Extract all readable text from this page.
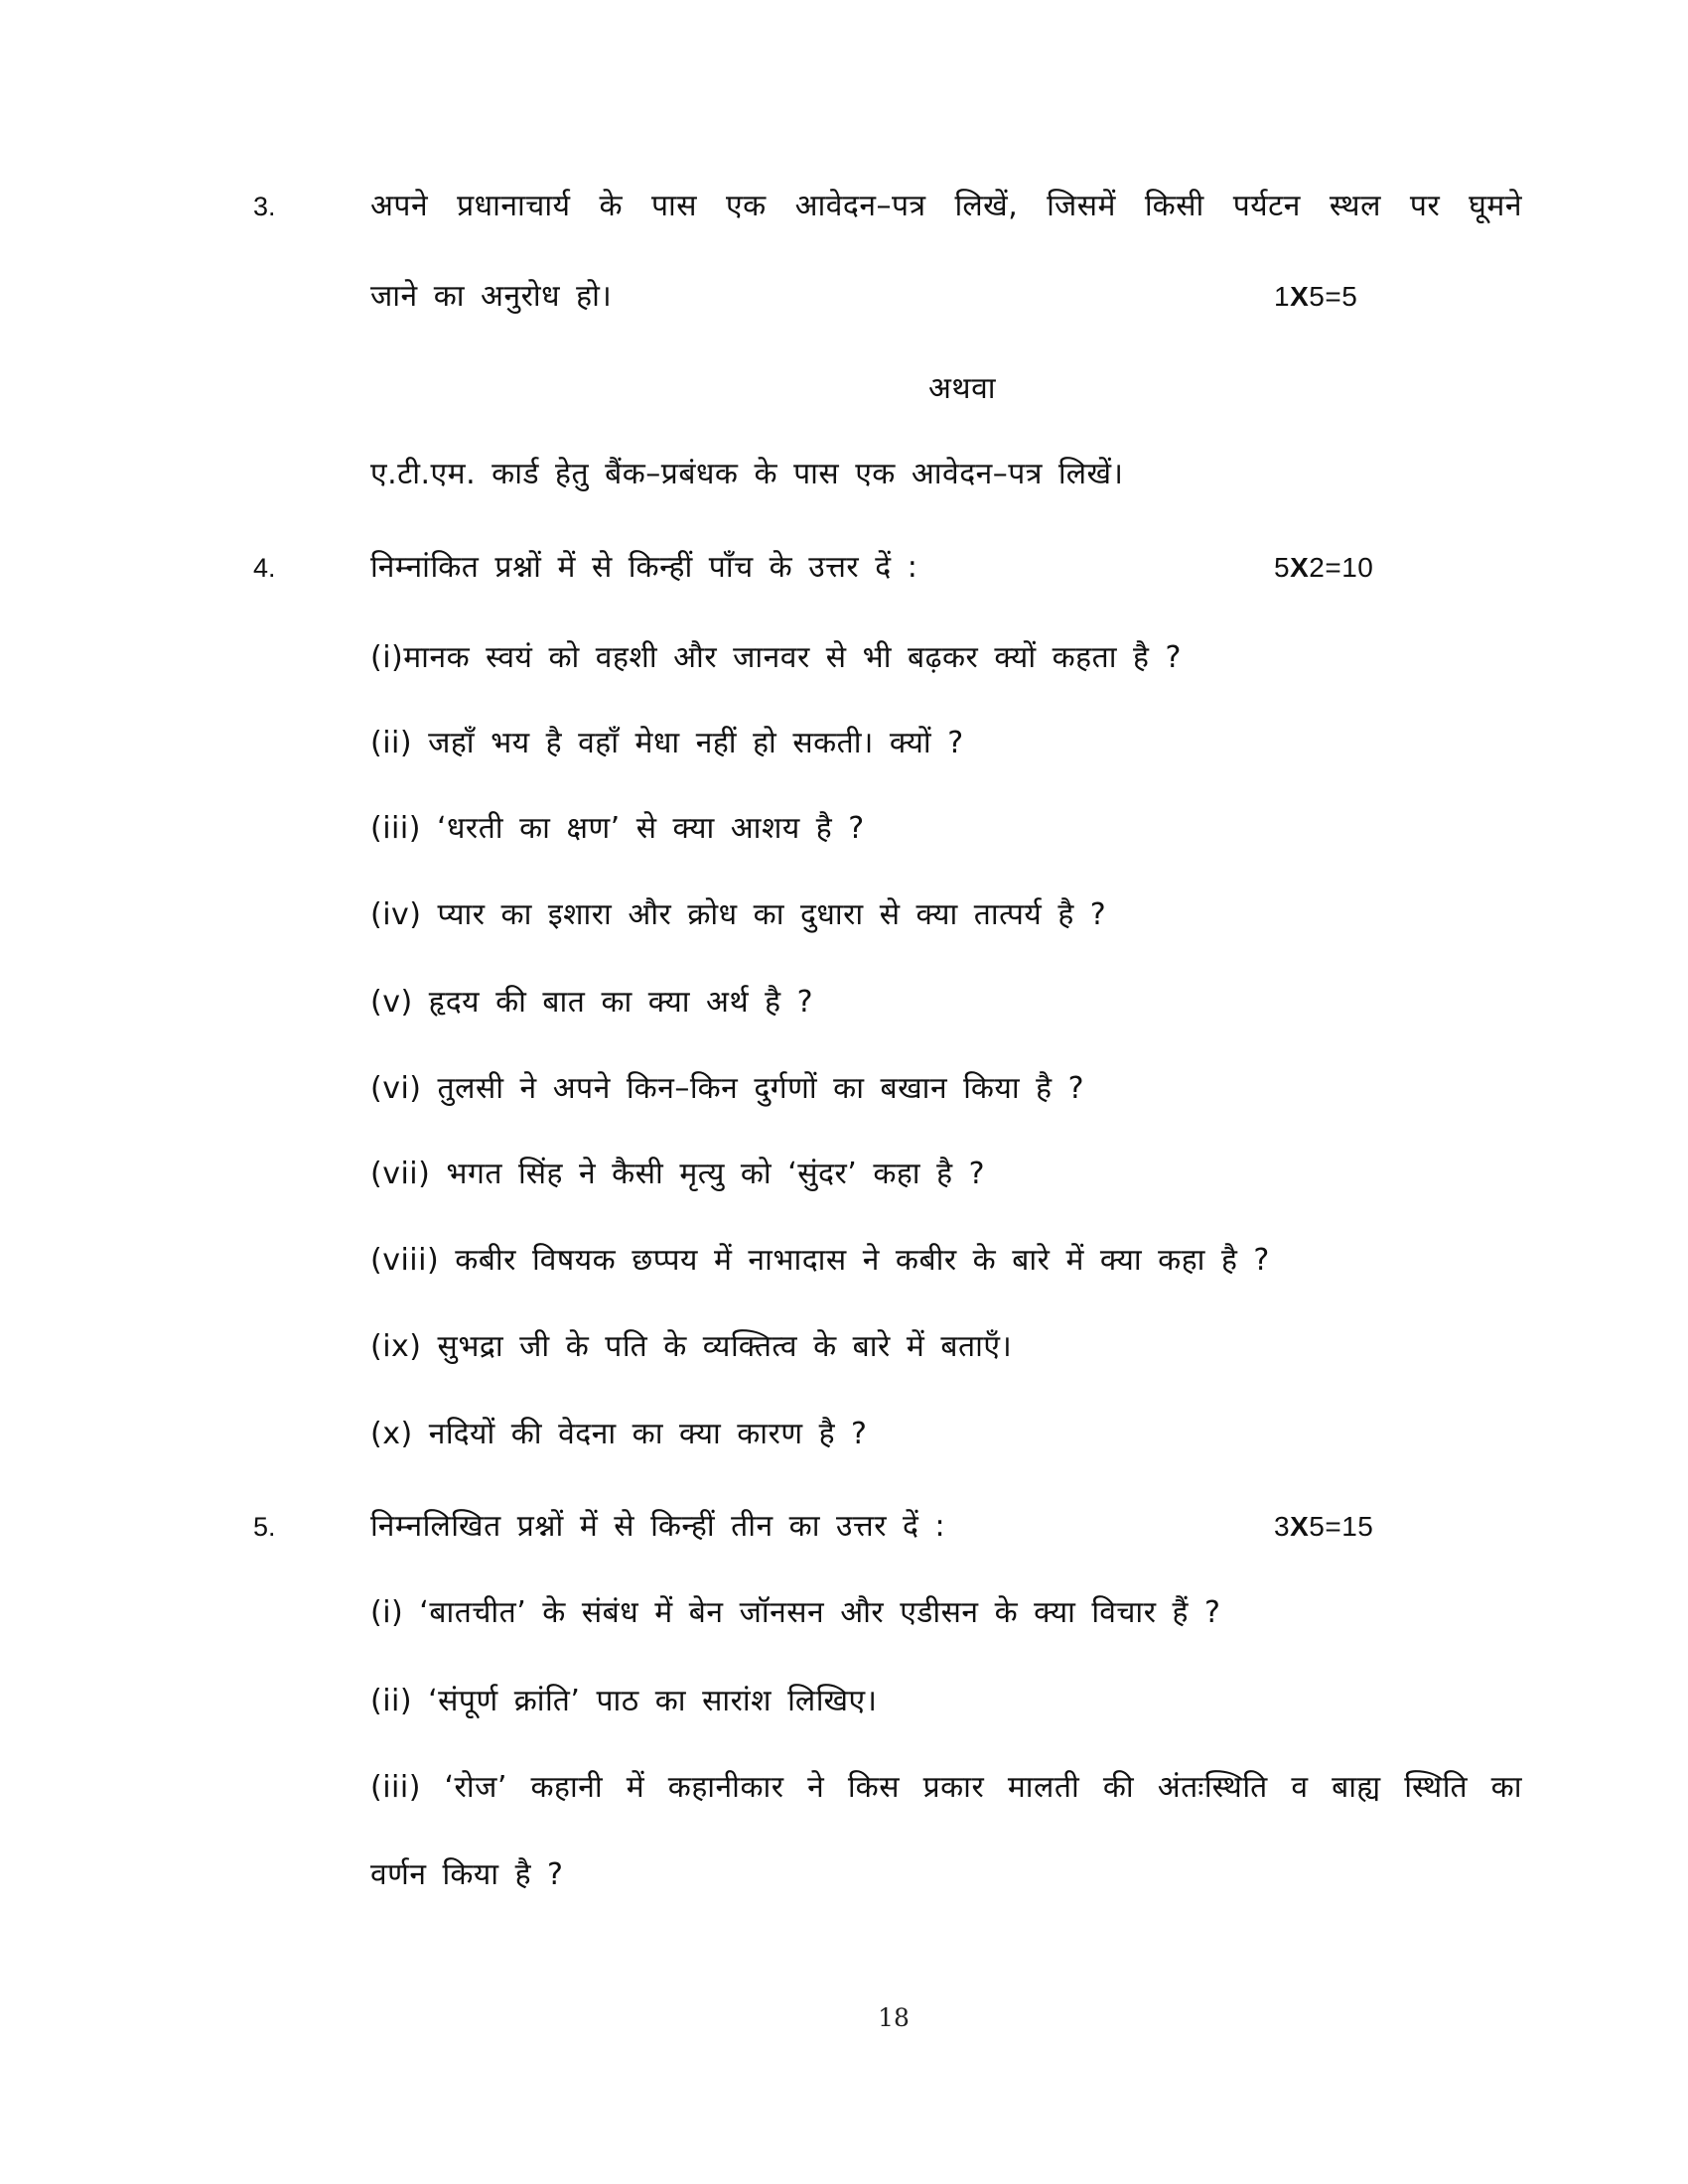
3.	अपने प्रधानाचार्य के पास एक आवेदन–पत्र लिखें, जिसमें किसी पर्यटन स्थल पर घूमने
जाने का अनुरोध हो।	1X5=5
अथवा
ए.टी.एम. कार्ड हेतु बैंक–प्रबंधक के पास एक आवेदन–पत्र लिखें।
4.	निम्नांकित प्रश्नों में से किन्हीं पाँच के उत्तर दें :	5X2=10
(i)मानक स्वयं को वहशी और जानवर से भी बढ़कर क्यों कहता है ?
(ii) जहाँ भय है वहाँ मेधा नहीं हो सकती। क्यों ?
(iii) ‘धरती का क्षण’ से क्या आशय है ?
(iv) प्यार का इशारा और क्रोध का दुधारा से क्या तात्पर्य है ?
(v) हृदय की बात का क्या अर्थ है ?
(vi) तुलसी ने अपने किन–किन दुर्गणों का बखान किया है ?
(vii) भगत सिंह ने कैसी मृत्यु को ‘सुंदर’ कहा है ?
(viii) कबीर विषयक छप्पय में नाभादास ने कबीर के बारे में क्या कहा है ?
(ix) सुभद्रा जी के पति के व्यक्तित्व के बारे में बताएँ।
(x) नदियों की वेदना का क्या कारण है ?
5.	निम्नलिखित प्रश्नों में से किन्हीं तीन का उत्तर दें :	3X5=15
(i) ‘बातचीत’ के संबंध में बेन जॉनसन और एडीसन के क्या विचार हैं ?
(ii) ‘संपूर्ण क्रांति’ पाठ का सारांश लिखिए।
(iii) ‘रोज’ कहानी में कहानीकार ने किस प्रकार मालती की अंतःस्थिति व बाह्य स्थिति का
वर्णन किया है ?
18
